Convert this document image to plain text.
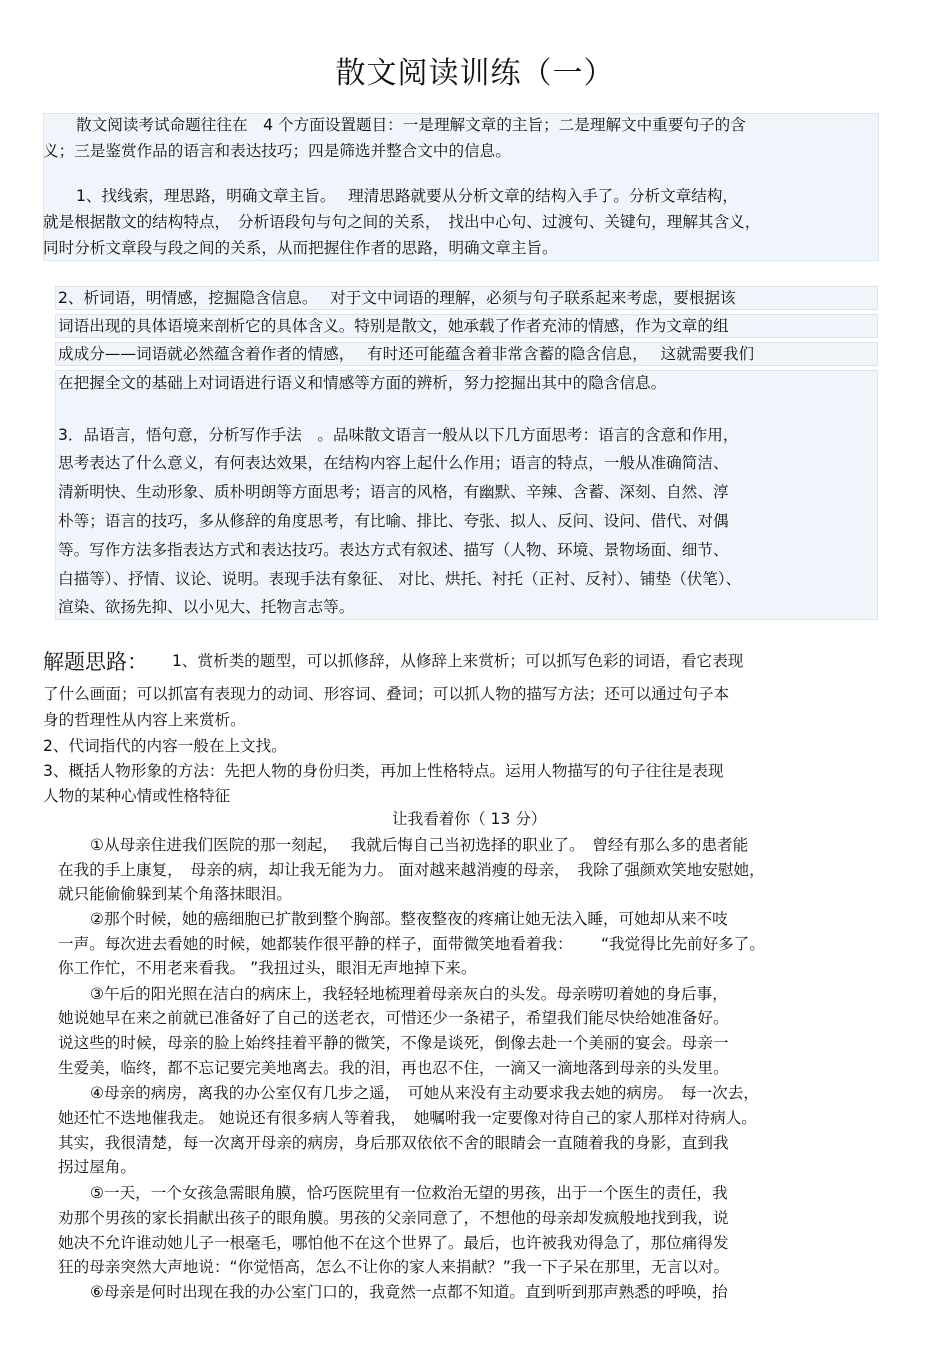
散文阅读训练（一）
散文阅读考试命题往往在　4 个方面设置题目：一是理解文章的主旨；二是理解文中重要句子的含
义；三是鉴赏作品的语言和表达技巧；四是筛选并整合文中的信息。
1、找线索，理思路，明确文章主旨。　 理清思路就要从分析文章的结构入手了。分析文章结构，
就是根据散文的结构特点，　分析语段句与句之间的关系，　找出中心句、过渡句、关键句，理解其含义，
同时分析文章段与段之间的关系，从而把握住作者的思路，明确文章主旨。
2、析词语，明情感，挖掘隐含信息。　 对于文中词语的理解，必须与句子联系起来考虑，要根据该
词语出现的具体语境来剖析它的具体含义。特别是散文，她承载了作者充沛的情感，作为文章的组
成成分——词语就必然蕴含着作者的情感，　 有时还可能蕴含着非常含蓄的隐含信息，　 这就需要我们
在把握全文的基础上对词语进行语义和情感等方面的辨析，努力挖掘出其中的隐含信息。
3．品语言，悟句意，分析写作手法　。品味散文语言一般从以下几方面思考：语言的含意和作用，
思考表达了什么意义，有何表达效果，在结构内容上起什么作用；语言的特点，一般从准确简洁、
清新明快、生动形象、质朴明朗等方面思考；语言的风格，有幽默、辛辣、含蓄、深刻、自然、淳
朴等；语言的技巧，多从修辞的角度思考，有比喻、排比、夸张、拟人、反问、设问、借代、对偶
等。写作方法多指表达方式和表达技巧。表达方式有叙述、描写（人物、环境、景物场面、细节、
白描等）、抒情、议论、说明。表现手法有象征、 对比、烘托、衬托（正衬、反衬）、铺垫（伏笔）、
渲染、欲扬先抑、以小见大、托物言志等。
解题思路： 1、赏析类的题型，可以抓修辞，从修辞上来赏析；可以抓写色彩的词语，看它表现
了什么画面；可以抓富有表现力的动词、形容词、叠词；可以抓人物的描写方法；还可以通过句子本
身的哲理性从内容上来赏析。
2、代词指代的内容一般在上文找。
3、概括人物形象的方法：先把人物的身份归类，再加上性格特点。运用人物描写的句子往往是表现
人物的某种心情或性格特征
让我看着你（ 13 分）
①从母亲住进我们医院的那一刻起，　 我就后悔自己当初选择的职业了。　曾经有那么多的患者能
在我的手上康复，　母亲的病，却让我无能为力。 面对越来越消瘦的母亲，　我除了强颜欢笑地安慰她，
就只能偷偷躲到某个角落抹眼泪。
②那个时候，她的癌细胞已扩散到整个胸部。整夜整夜的疼痛让她无法入睡，可她却从来不吱
一声。每次进去看她的时候，她都装作很平静的样子，面带微笑地看着我：　　 “我觉得比先前好多了。
你工作忙，不用老来看我。 ”我扭过头，眼泪无声地掉下来。
③午后的阳光照在洁白的病床上，我轻轻地梳理着母亲灰白的头发。母亲唠叨着她的身后事，
她说她早在来之前就已准备好了自己的送老衣，可惜还少一条裙子，希望我们能尽快给她准备好。
说这些的时候，母亲的脸上始终挂着平静的微笑，不像是谈死，倒像去赴一个美丽的宴会。母亲一
生爱美，临终，都不忘记要完美地离去。我的泪，再也忍不住，一滴又一滴地落到母亲的头发里。
④母亲的病房，离我的办公室仅有几步之遥，　可她从来没有主动要求我去她的病房。　每一次去，
她还忙不迭地催我走。 她说还有很多病人等着我，　她嘱咐我一定要像对待自己的家人那样对待病人。
其实，我很清楚，每一次离开母亲的病房，身后那双依依不舍的眼睛会一直随着我的身影，直到我
拐过屋角。
⑤一天，一个女孩急需眼角膜，恰巧医院里有一位救治无望的男孩，出于一个医生的责任，我
劝那个男孩的家长捐献出孩子的眼角膜。男孩的父亲同意了，不想他的母亲却发疯般地找到我，说
她决不允许谁动她儿子一根毫毛，哪怕他不在这个世界了。最后，也许被我劝得急了，那位痛得发
狂的母亲突然大声地说：“你觉悟高，怎么不让你的家人来捐献？”我一下子呆在那里，无言以对。
⑥母亲是何时出现在我的办公室门口的，我竟然一点都不知道。直到听到那声熟悉的呼唤，抬
